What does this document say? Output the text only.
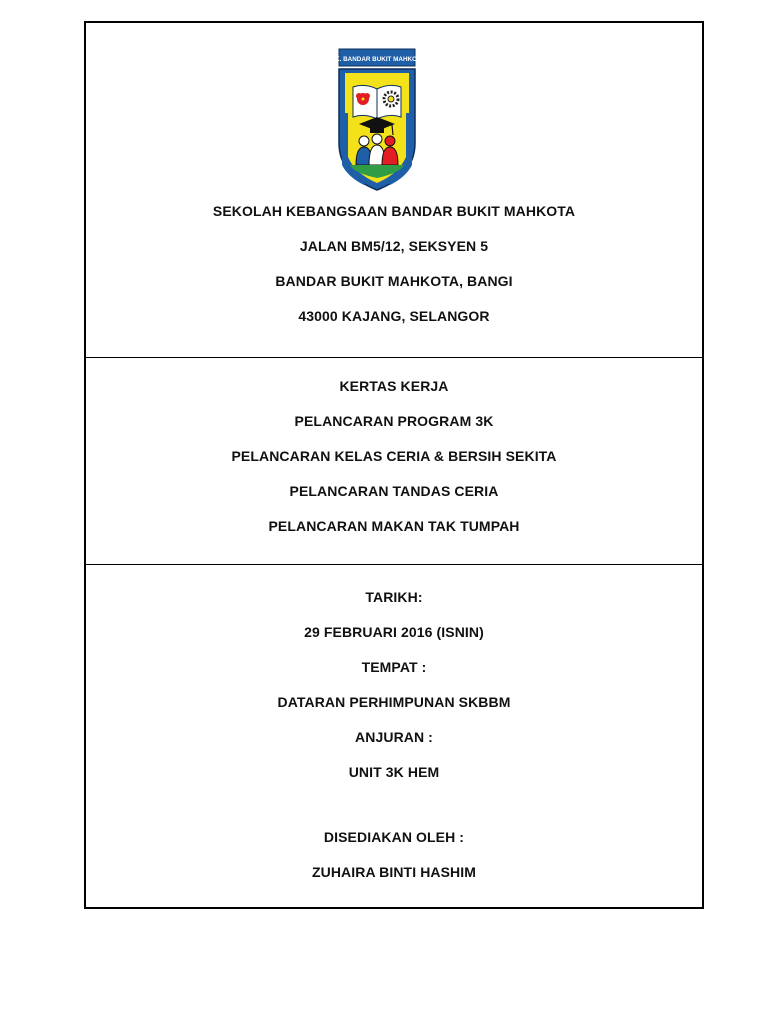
S.K. BANDAR BUKIT MAHKOTA
SEKOLAH KEBANGSAAN BANDAR BUKIT MAHKOTA
JALAN BM5/12, SEKSYEN 5
BANDAR BUKIT MAHKOTA, BANGI
43000 KAJANG, SELANGOR
KERTAS KERJA
PELANCARAN PROGRAM 3K
PELANCARAN KELAS CERIA & BERSIH SEKITA
PELANCARAN TANDAS CERIA
PELANCARAN MAKAN TAK TUMPAH
TARIKH:
29 FEBRUARI 2016 (ISNIN)
TEMPAT :
DATARAN PERHIMPUNAN SKBBM
ANJURAN :
UNIT 3K HEM
DISEDIAKAN OLEH :
ZUHAIRA BINTI HASHIM
